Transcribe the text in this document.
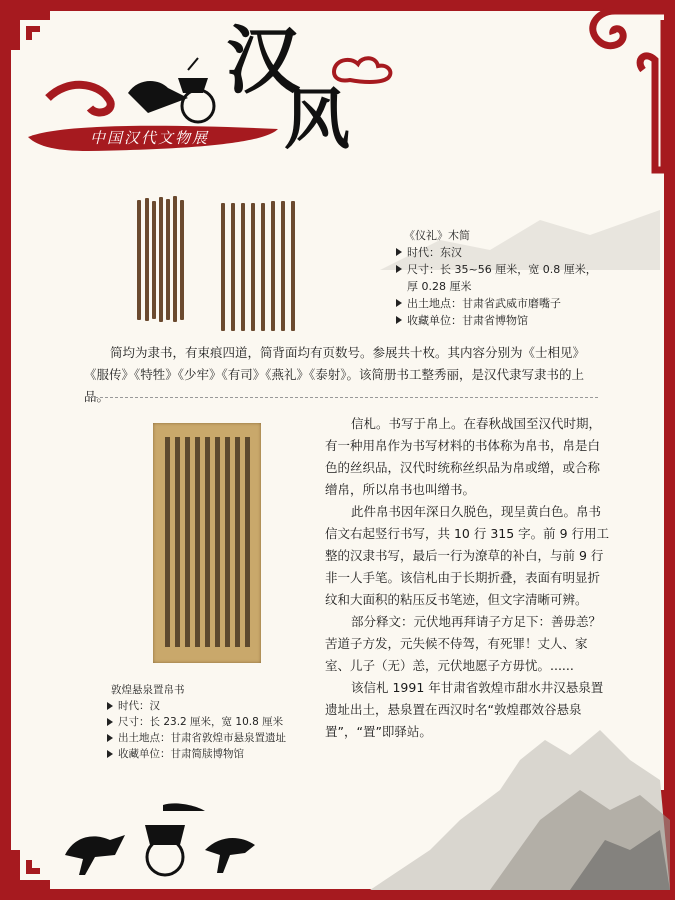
中国汉代文物展
汉
风
《仪礼》木简
时代：东汉
尺寸：长 35~56 厘米，宽 0.8 厘米，
厚 0.28 厘米
出土地点：甘肃省武威市磨嘴子
收藏单位：甘肃省博物馆
简均为隶书，有束痕四道，简背面均有页数号。参展共十枚。其内容分别为《士相见》《服传》《特牲》《少牢》《有司》《燕礼》《泰射》。该简册书工整秀丽，是汉代隶写隶书的上品。
敦煌悬泉置帛书
时代：汉
尺寸：长 23.2 厘米，宽 10.8 厘米
出土地点：甘肃省敦煌市悬泉置遗址
收藏单位：甘肃简牍博物馆

信札。书写于帛上。在春秋战国至汉代时期，有一种用帛作为书写材料的书体称为帛书，帛是白色的丝织品，汉代时统称丝织品为帛或缯，或合称缯帛，所以帛书也叫缯书。

此件帛书因年深日久脱色，现呈黄白色。帛书信文右起竖行书写，共 10 行 315 字。前 9 行用工整的汉隶书写，最后一行为潦草的补白，与前 9 行非一人手笔。该信札由于长期折叠，表面有明显折纹和大面积的粘压反书笔迹，但文字清晰可辨。

部分释文：元伏地再拜请子方足下：善毋恙？苦道子方发，元失候不侍驾，有死罪！丈人、家室、儿子（无）恙，元伏地愿子方毋忧。......

该信札 1991 年甘肃省敦煌市甜水井汉悬泉置遗址出土，悬泉置在西汉时名“敦煌郡效谷悬泉置”，“置”即驿站。
